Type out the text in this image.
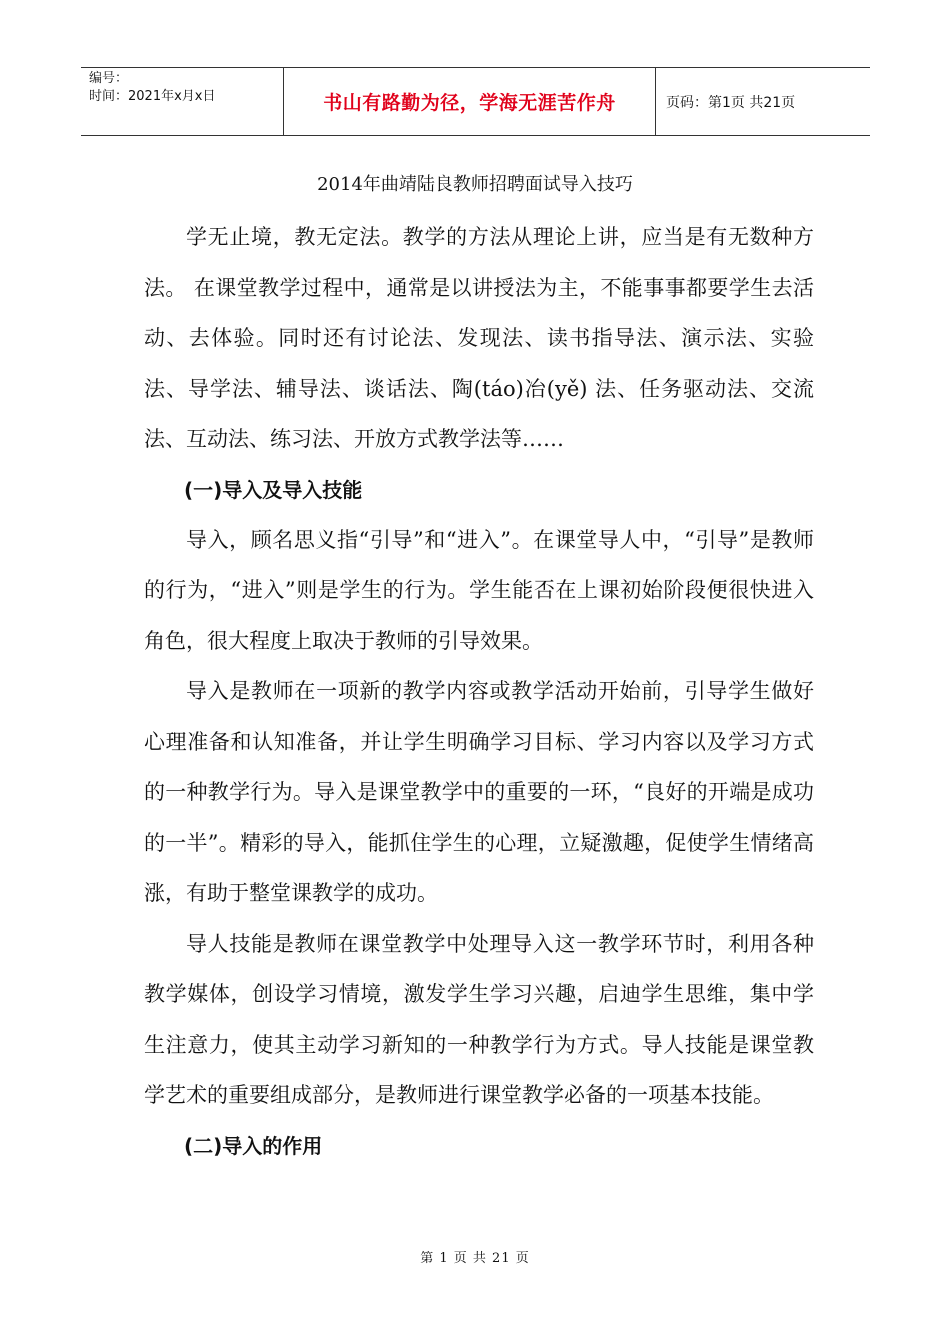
编号：
时间：2021年x月x日	书山有路勤为径，学海无涯苦作舟	页码：第1页 共21页
2014年曲靖陆良教师招聘面试导入技巧

学无止境，教无定法。教学的方法从理论上讲，应当是有无数种方法。 在课堂教学过程中，通常是以讲授法为主，不能事事都要学生去活动、去体验。同时还有讨论法、发现法、读书指导法、演示法、实验法、导学法、辅导法、谈话法、陶(táo)冶(yě) 法、任务驱动法、交流法、互动法、练习法、开放方式教学法等……

(一)导入及导入技能

导入，顾名思义指“引导”和“进入”。在课堂导人中，“引导”是教师的行为，“进入”则是学生的行为。学生能否在上课初始阶段便很快进入角色，很大程度上取决于教师的引导效果。

导入是教师在一项新的教学内容或教学活动开始前，引导学生做好心理准备和认知准备，并让学生明确学习目标、学习内容以及学习方式的一种教学行为。导入是课堂教学中的重要的一环，“良好的开端是成功的一半”。精彩的导入，能抓住学生的心理，立疑激趣，促使学生情绪高涨，有助于整堂课教学的成功。

导人技能是教师在课堂教学中处理导入这一教学环节时，利用各种教学媒体，创设学习情境，激发学生学习兴趣，启迪学生思维，集中学生注意力，使其主动学习新知的一种教学行为方式。导人技能是课堂教学艺术的重要组成部分，是教师进行课堂教学必备的一项基本技能。

(二)导入的作用

第 1 页 共 21 页
